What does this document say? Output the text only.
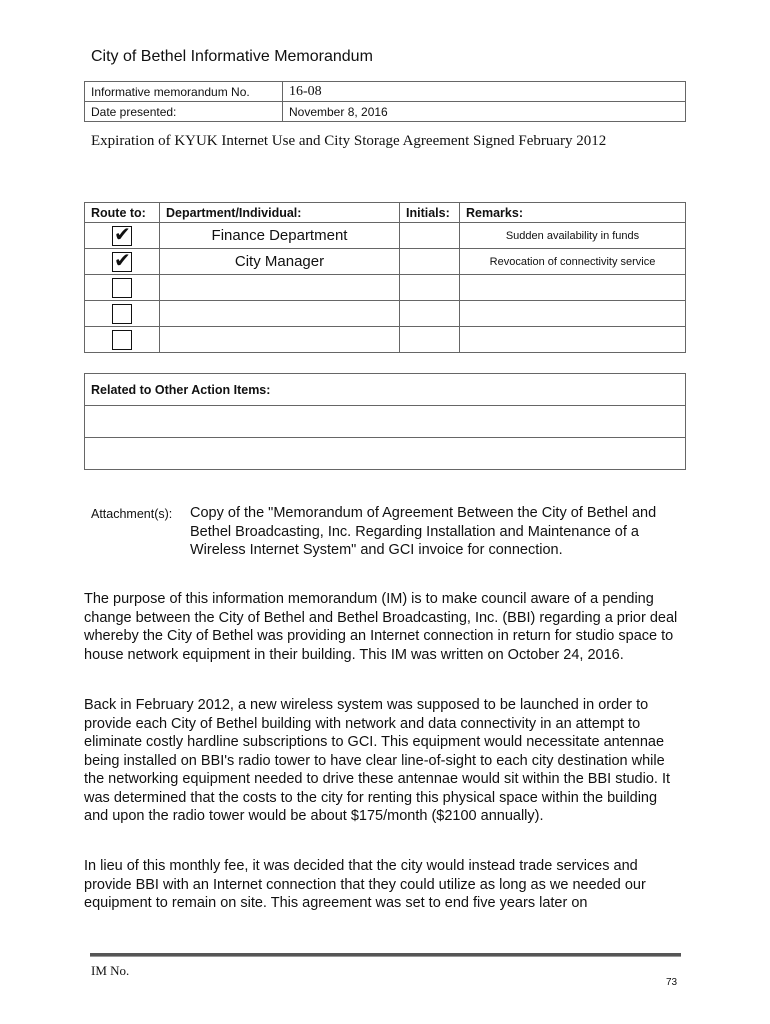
City of Bethel Informative Memorandum
Informative memorandum No.	16-08
Date presented:	November 8, 2016
Expiration of KYUK Internet Use and City Storage Agreement Signed February 2012
Route to:	Department/Individual:	Initials:	Remarks:

✔	Finance Department		Sudden availability in funds

✔	City Manager		Revocation of connectivity service

Related to Other Action Items:

Attachment(s): Copy of the "Memorandum of Agreement Between the City of Bethel and Bethel Broadcasting, Inc. Regarding Installation and Maintenance of a Wireless Internet System" and GCI invoice for connection.
The purpose of this information memorandum (IM) is to make council aware of a pending change between the City of Bethel and Bethel Broadcasting, Inc. (BBI) regarding a prior deal whereby the City of Bethel was providing an Internet connection in return for studio space to house network equipment in their building. This IM was written on October 24, 2016.
Back in February 2012, a new wireless system was supposed to be launched in order to provide each City of Bethel building with network and data connectivity in an attempt to eliminate costly hardline subscriptions to GCI. This equipment would necessitate antennae being installed on BBI's radio tower to have clear line-of-sight to each city destination while the networking equipment needed to drive these antennae would sit within the BBI studio. It was determined that the costs to the city for renting this physical space within the building and upon the radio tower would be about $175/month ($2100 annually).
In lieu of this monthly fee, it was decided that the city would instead trade services and provide BBI with an Internet connection that they could utilize as long as we needed our equipment to remain on site. This agreement was set to end five years later on
IM No.
73
